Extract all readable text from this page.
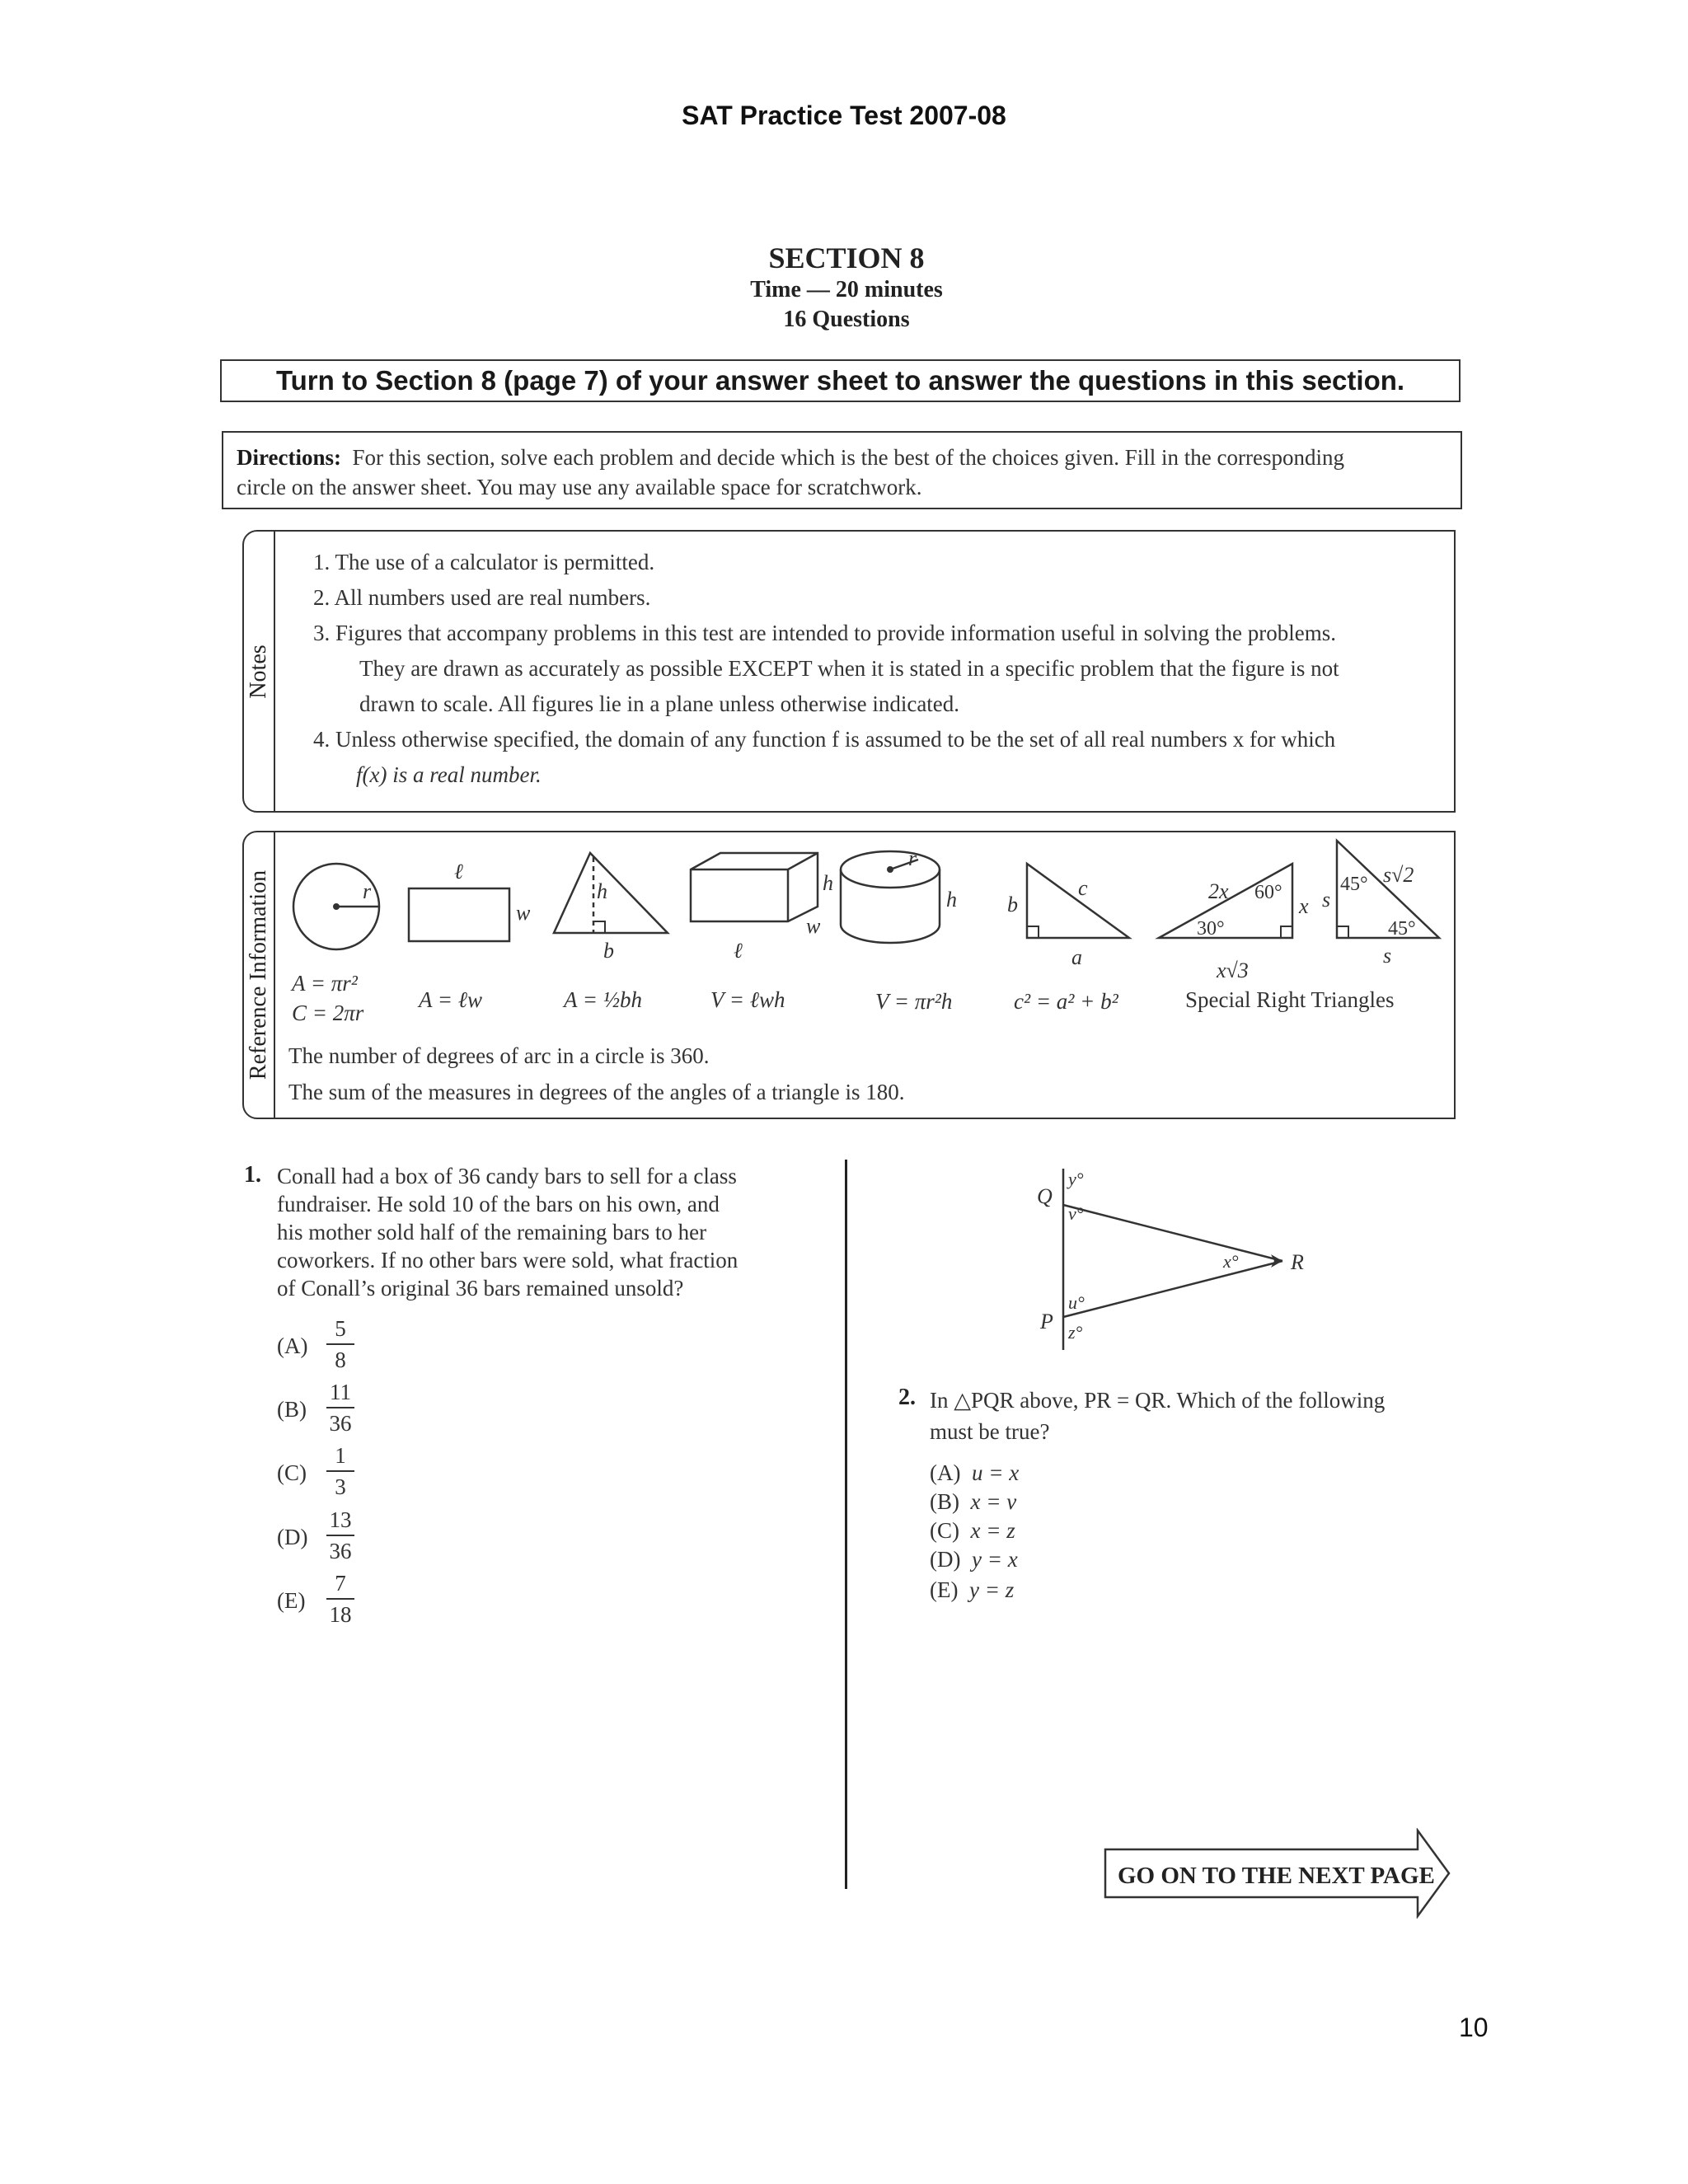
SAT Practice Test 2007-08
SECTION 8
Time — 20 minutes
16 Questions
Turn to Section 8 (page 7) of your answer sheet to answer the questions in this section.
Directions: For this section, solve each problem and decide which is the best of the choices given. Fill in the corresponding
circle on the answer sheet. You may use any available space for scratchwork.
Notes
1. The use of a calculator is permitted.
2. All numbers used are real numbers.
3. Figures that accompany problems in this test are intended to provide information useful in solving the problems.
They are drawn as accurately as possible EXCEPT when it is stated in a specific problem that the figure is not
drawn to scale. All figures lie in a plane unless otherwise indicated.
4. Unless otherwise specified, the domain of any function f is assumed to be the set of all real numbers x for which
f(x) is a real number.
Reference Information	r
ℓ
w
h
b
h
w
ℓ
r
h b
c
a
2x
x
x√3
s
s√2
s
60°
30°
45°
45°
A = πr²
C = 2πr
A = ℓw	A = ½bh	V = ℓwh	V = πr²h	c² = a² + b²	Special Right Triangles
The number of degrees of arc in a circle is 360.
The sum of the measures in degrees of the angles of a triangle is 180.
1. Conall had a box of 36 candy bars to sell for a class
fundraiser. He sold 10 of the bars on his own, and
his mother sold half of the remaining bars to her
coworkers. If no other bars were sold, what fraction
of Conall’s original 36 bars remained unsold?
(A)
5
8
(B)
11
36
(C)
1
3
(D)
13
36
(E)
7
18
Q
P
R
y°
v°
x°
u°
z°
2. In △PQR above, PR = QR. Which of the following
must be true?
(A) u = x
(B) x = v
(C) x = z
(D) y = x
(E) y = z
GO ON TO THE NEXT PAGE
10
